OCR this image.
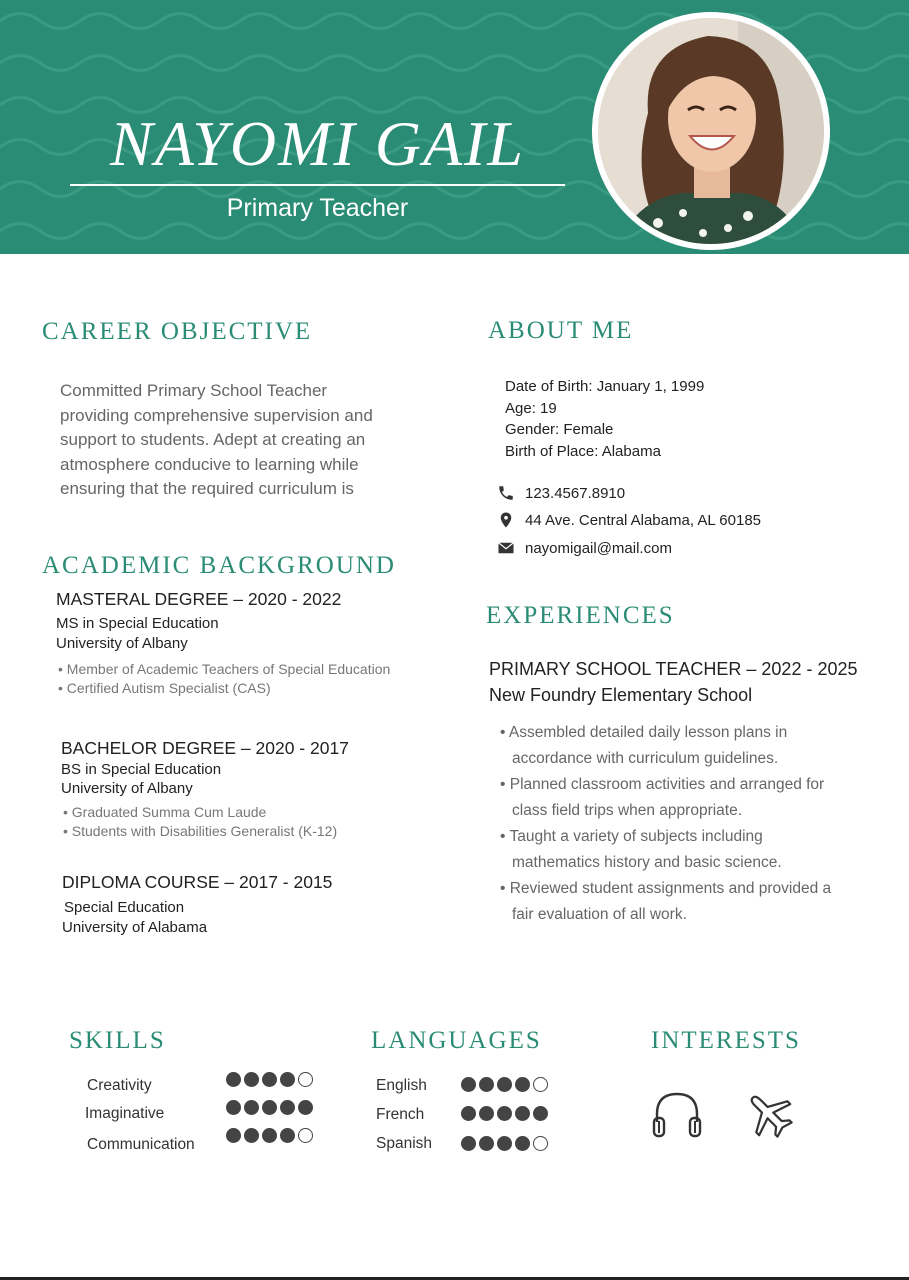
NAYOMI GAIL
Primary Teacher
CAREER OBJECTIVE
Committed Primary School Teacher
providing comprehensive supervision and
support to students. Adept at creating an
atmosphere conducive to learning while
ensuring that the required curriculum is
ACADEMIC BACKGROUND
MASTERAL DEGREE – 2020 - 2022
MS in Special Education
University of Albany
• Member of Academic Teachers of Special Education
• Certified Autism Specialist (CAS)
BACHELOR DEGREE – 2020 - 2017
BS in Special Education
University of Albany
• Graduated Summa Cum Laude
• Students with Disabilities Generalist (K-12)
DIPLOMA COURSE – 2017 - 2015
Special Education
University of Alabama
ABOUT ME
Date of Birth: January 1, 1999
Age: 19
Gender: Female
Birth of Place: Alabama
123.4567.8910
44 Ave. Central Alabama, AL 60185
nayomigail@mail.com
EXPERIENCES
PRIMARY SCHOOL TEACHER – 2022 - 2025
New Foundry Elementary School
• Assembled detailed daily lesson plans in accordance with curriculum guidelines.
• Planned classroom activities and arranged for class field trips when appropriate.
• Taught a variety of subjects including mathematics history and basic science.
• Reviewed student assignments and provided a fair evaluation of all work.
SKILLS
Creativity
Imaginative
Communication
LANGUAGES
English
French
Spanish
INTERESTS
